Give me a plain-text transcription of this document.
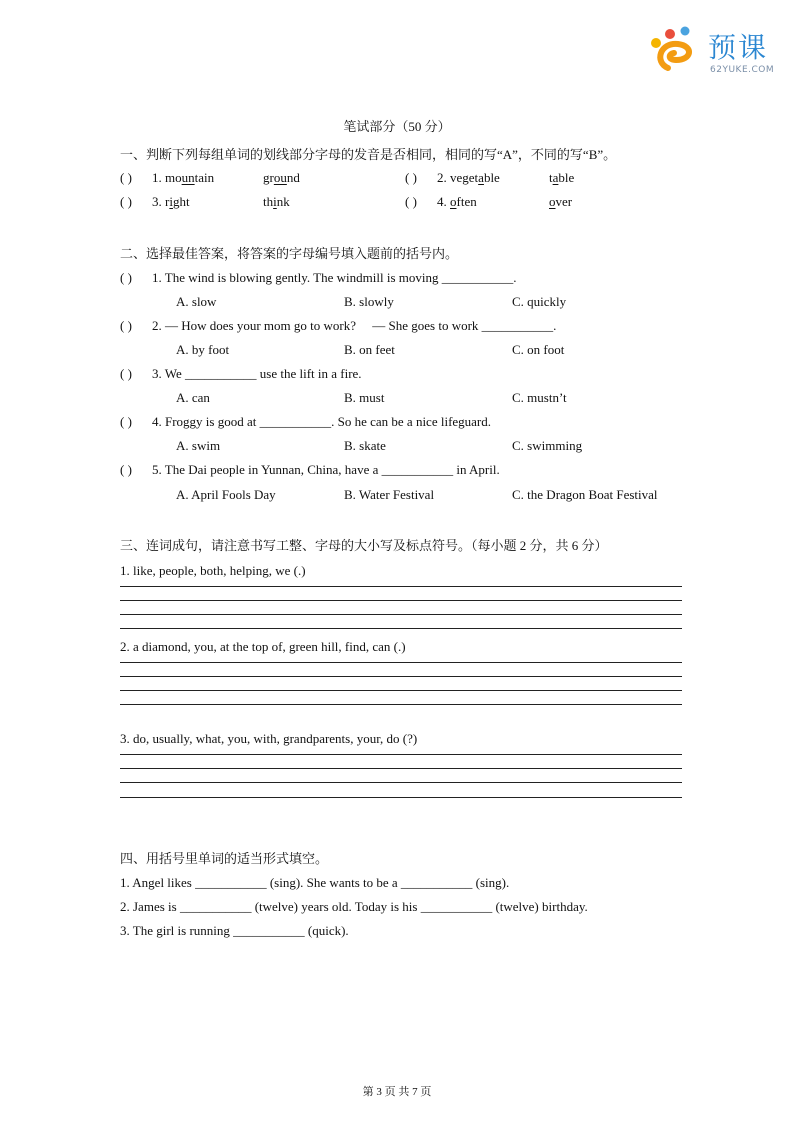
预课
62YUKE.COM
笔试部分（50 分）
一、判断下列每组单词的划线部分字母的发音是否相同，相同的写“A”，不同的写“B”。
( ) 1. mountain	ground	( ) 2. vegetable	table
( ) 3. right	think	( ) 4. often	over
二、选择最佳答案，将答案的字母编号填入题前的括号内。
( ) 1. The wind is blowing gently. The windmill is moving ___________.
A. slow	B. slowly	C. quickly
( ) 2. — How does your mom go to work?     — She goes to work ___________.
A. by foot	B. on feet	C. on foot
( ) 3. We ___________ use the lift in a fire.
A. can	B. must	C. mustn’t
( ) 4. Froggy is good at ___________. So he can be a nice lifeguard.
A. swim	B. skate	C. swimming
( ) 5. The Dai people in Yunnan, China, have a ___________ in April.
A. April Fools Day	B. Water Festival	C. the Dragon Boat Festival
三、连词成句，请注意书写工整、字母的大小写及标点符号。（每小题 2 分，共 6 分）
1. like, people, both, helping, we (.)
2. a diamond, you, at the top of, green hill, find, can (.)
3. do, usually, what, you, with, grandparents, your, do (?)
四、用括号里单词的适当形式填空。
1. Angel likes ___________ (sing). She wants to be a ___________ (sing).
2. James is ___________ (twelve) years old. Today is his ___________ (twelve) birthday.
3. The girl is running ___________ (quick).
第 3 页 共 7 页
